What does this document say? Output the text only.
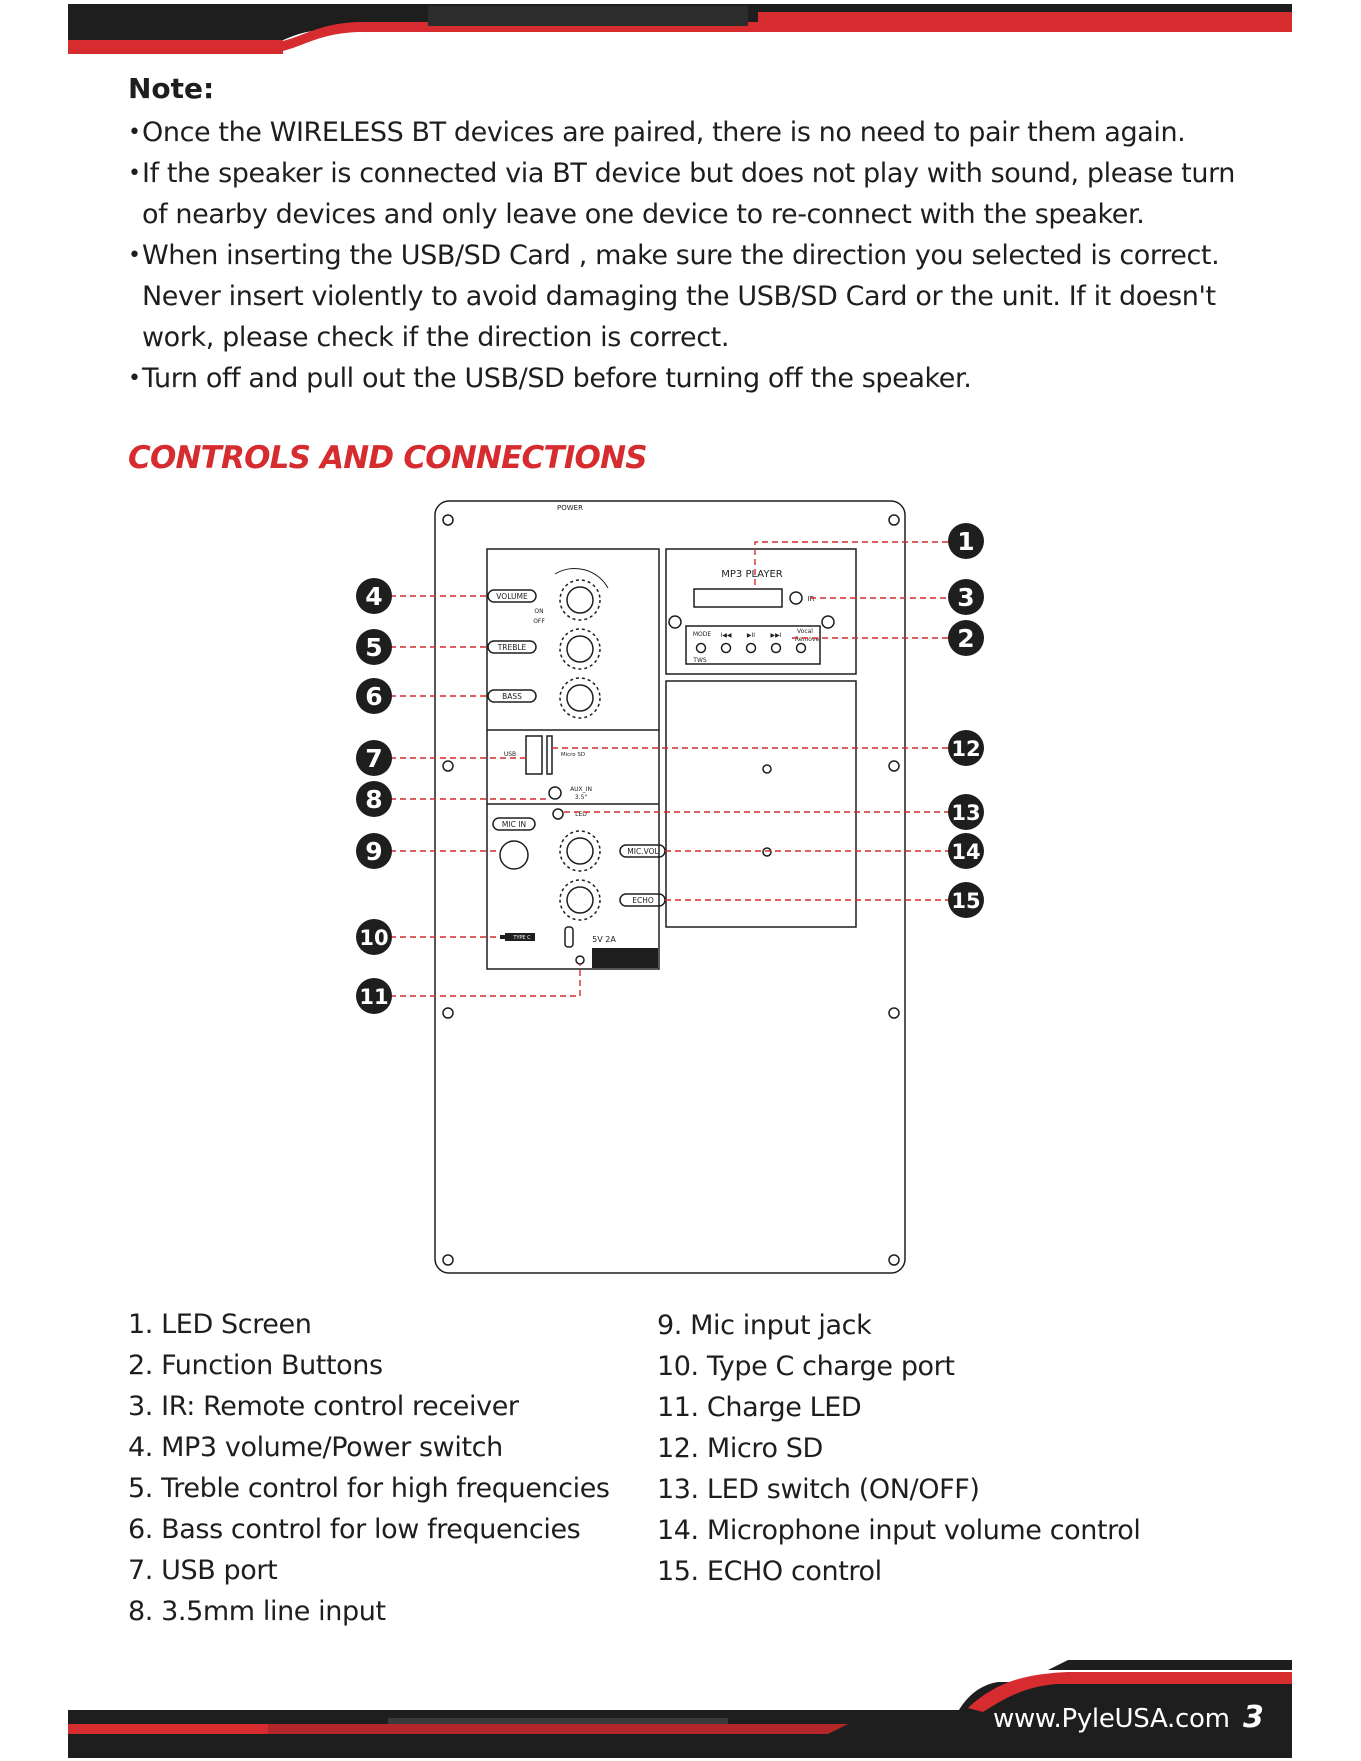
Note:
• Once the WIRELESS BT devices are paired, there is no need to pair them again.
• If the speaker is connected via BT device but does not play with sound, please turn of nearby devices and only leave one device to re-connect with the speaker.
• When inserting the USB/SD Card , make sure the direction you selected is correct. Never insert violently to avoid damaging the USB/SD Card or the unit. If it doesn't work, please check if the direction is correct.
• Turn off and pull out the USB/SD before turning off the speaker.
CONTROLS AND CONNECTIONS
POWER
VOLUME
ON
OFF
TREBLE
BASS
USB	Micro SD
AUX_IN
3.5"
LED
MIC IN
MIC.VOL
ECHO
TYPE C	5V 2A
MP3 PLAYER
IR
MODE
TWS
Vocal
Remove
I◀◀	▶II	▶▶I
1
3
2
12
13
14
15
4
5
6
7
8
9
10
11
1. LED Screen
2. Function Buttons
3. IR: Remote control receiver
4. MP3 volume/Power switch
5. Treble control for high frequencies
6. Bass control for low frequencies
7. USB port
8. 3.5mm line input
9. Mic input jack
10. Type C charge port
11. Charge LED
12. Micro SD
13. LED switch (ON/OFF)
14. Microphone input volume control
15. ECHO control
www.PyleUSA.com 3
